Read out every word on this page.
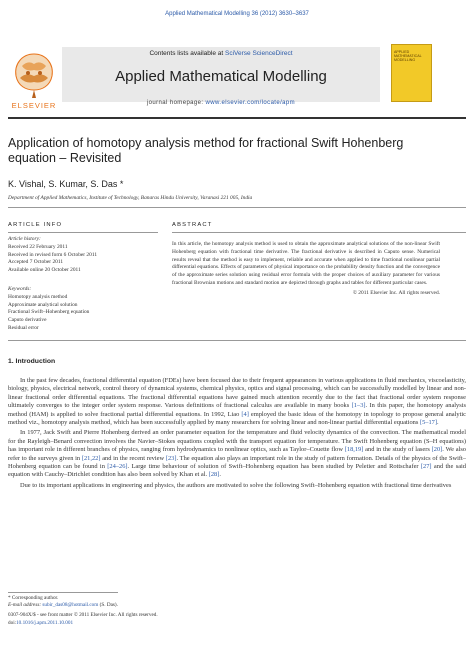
Applied Mathematical Modelling 36 (2012) 3630–3637
Contents lists available at SciVerse ScienceDirect
Applied Mathematical Modelling
journal homepage: www.elsevier.com/locate/apm
ELSEVIER
APPLIED MATHEMATICAL MODELLING
Application of homotopy analysis method for fractional Swift Hohenberg equation – Revisited
K. Vishal, S. Kumar, S. Das *
Department of Applied Mathematics, Institute of Technology, Banaras Hindu University, Varanasi 221 005, India
ARTICLE INFO
Article history:
Received 22 February 2011
Received in revised form 6 October 2011
Accepted 7 October 2011
Available online 20 October 2011
Keywords:
Homotopy analysis method
Approximate analytical solution
Fractional Swift–Hohenberg equation
Caputo derivative
Residual error
ABSTRACT
In this article, the homotopy analysis method is used to obtain the approximate analytical solutions of the non-linear Swift Hohenberg equation with fractional time derivative. The fractional derivative is described in Caputo sense. Numerical results reveal that the method is easy to implement, reliable and accurate when applied to time fractional nonlinear partial differential equations. Effects of parameters of physical importance on the probability density function and the convergence of the approximate series solution using residual error formula with the proper choices of auxiliary parameter for various fractional Brownian motions and standard motion are depicted through graphs and tables for different particular cases.
© 2011 Elsevier Inc. All rights reserved.
1. Introduction

In the past few decades, fractional differential equation (FDEs) have been focused due to their frequent appearances in various applications in fluid mechanics, viscoelasticity, biology, physics, electrical network, control theory of dynamical systems, chemical physics, optics and signal processing, which can be successfully modelled by linear and non-linear fractional order differential equations. The fractional differential equations have gained much attention recently due to the fact that fractional order system response ultimately converges to the integer order system response. Various definitions of fractional calculus are available in many books [1–3]. In this paper, the homotopy analysis method (HAM) is applied to solve fractional partial differential equations. In 1992, Liao [4] employed the basic ideas of the homotopy in topology to propose general analytic method viz., homotopy analysis method, which has been successfully applied by many researchers for solving linear and non-linear partial differential equations [5–17].

In 1977, Jack Swift and Pierre Hohenberg derived an order parameter equation for the temperature and fluid velocity dynamics of the convection. The mathematical model for the Rayleigh–Benard convection involves the Navier–Stokes equations coupled with the transport equation for temperature. The Swift Hohenberg equation (S–H equations) has important role in different branches of physics, ranging from hydrodynamics to nonlinear optics, such as Taylor–Couette flow [18,19] and in the study of lasers [20]. We also refer to the surveys given in [21,22] and in the recent review [23]. The equation also plays an important role in the study of pattern formation. Details of the physics of the Swift–Hohenberg equation can be found in [24–26]. Large time behaviour of solution of Swift–Hohenberg equation has been studied by Peletier and Rottschafer [27] and the said equation with Cauchy–Dirichlet condition has also been solved by Khan et al. [28].

Due to its important applications in engineering and physics, the authors are motivated to solve the following Swift–Hohenberg equation with fractional time derivatives

* Corresponding author.
E-mail address: subir_das08@hotmail.com (S. Das).
0307-904X/$ - see front matter © 2011 Elsevier Inc. All rights reserved.
doi:10.1016/j.apm.2011.10.001
